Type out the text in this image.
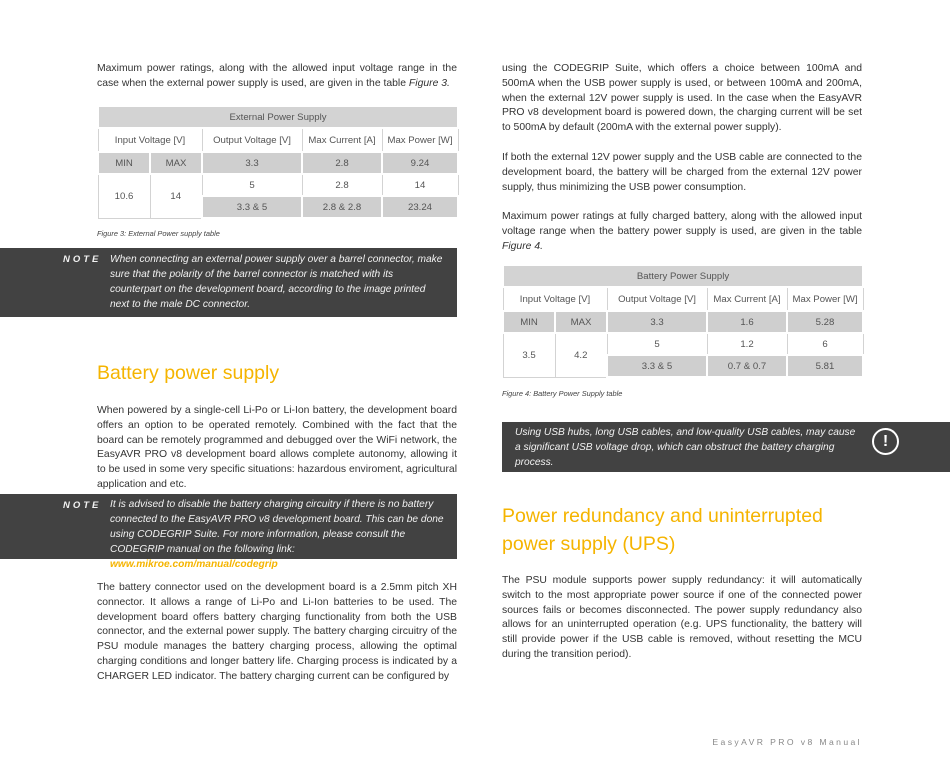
Maximum power ratings, along with the allowed input voltage range in the case when the external power supply is used, are given in the table Figure 3.

External Power Supply				
Input Voltage [V]		Output Voltage [V]	Max Current [A]	Max Power [W]
MIN	MAX	3.3	2.8	9.24
10.6	14	5	2.8	14
		3.3 & 5	2.8 & 2.8	23.24
Figure 3: External Power supply table
NOTE When connecting an external power supply over a barrel connector, make sure that the polarity of the barrel connector is matched with its counterpart on the development board, according to the image printed next to the male DC connector.

Battery power supply

When powered by a single-cell Li-Po or Li-Ion battery, the development board offers an option to be operated remotely. Combined with the fact that the board can be remotely programmed and debugged over the WiFi network, the EasyAVR PRO v8 development board allows complete autonomy, allowing it to be used in some very specific situations: hazardous enviroment, agricultural application and etc.

NOTE It is advised to disable the battery charging circuitry if there is no battery connected to the EasyAVR PRO v8 development board. This can be done using CODEGRIP Suite. For more information, please consult the CODEGRIP manual on the following link: www.mikroe.com/manual/codegrip

The battery connector used on the development board is a 2.5mm pitch XH connector. It allows a range of Li-Po and Li-Ion batteries to be used. The development board offers battery charging functionality from both the USB connector, and the external power supply. The battery charging circuitry of the PSU module manages the battery charging process, allowing the optimal charging conditions and longer battery life. Charging process is indicated by a CHARGER LED indicator. The battery charging current can be configured by

using the CODEGRIP Suite, which offers a choice between 100mA and 500mA when the USB power supply is used, or between 100mA and 200mA, when the external 12V power supply is used. In the case when the EasyAVR PRO v8 development board is powered down, the charging current will be set to 500mA by default (200mA with the external power supply).

If both the external 12V power supply and the USB cable are connected to the development board, the battery will be charged from the external 12V power supply, thus minimizing the USB power consumption.

Maximum power ratings at fully charged battery, along with the allowed input voltage range when the battery power supply is used, are given in the table Figure 4.

Battery Power Supply				
Input Voltage [V]		Output Voltage [V]	Max Current [A]	Max Power [W]
MIN	MAX	3.3	1.6	5.28
3.5	4.2	5	1.2	6
		3.3 & 5	0.7 & 0.7	5.81
Figure 4: Battery Power Supply table

Using USB hubs, long USB cables, and low-quality USB cables, may cause a significant USB voltage drop, which can obstruct the battery charging process.

!
Power redundancy and uninterrupted
power supply (UPS)

The PSU module supports power supply redundancy: it will automatically switch to the most appropriate power source if one of the connected power sources fails or becomes disconnected. The power supply redundancy also allows for an uninterrupted operation (e.g. UPS functionality, the battery will still provide power if the USB cable is removed, without resetting the MCU during the transition period).

EasyAVR PRO v8 Manual
